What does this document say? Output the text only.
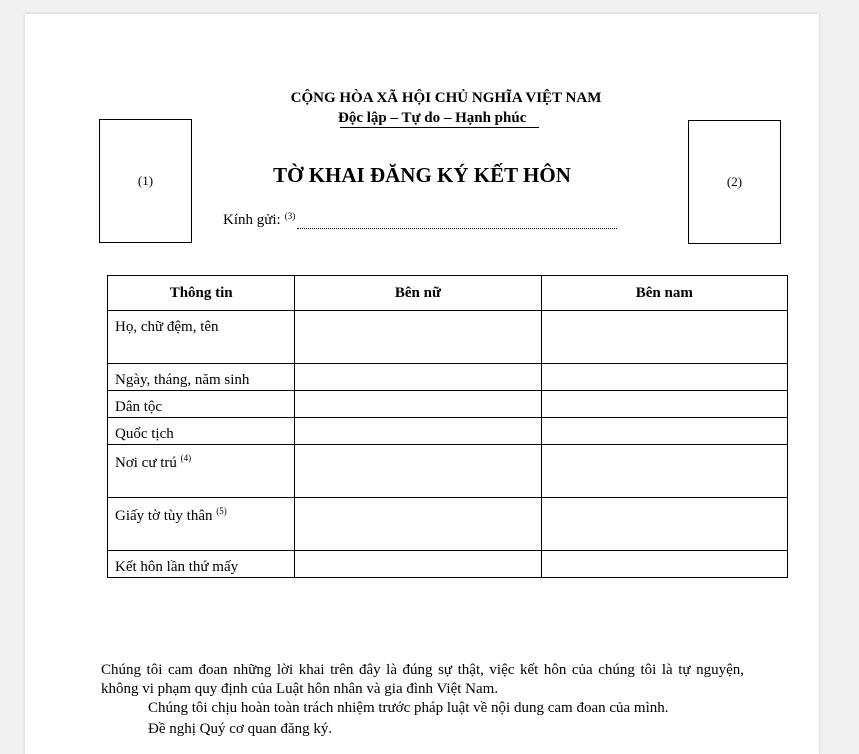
CỘNG HÒA XÃ HỘI CHỦ NGHĨA VIỆT NAM
Độc lập – Tự do – Hạnh phúc
(1)	(2)
TỜ KHAI ĐĂNG KÝ KẾT HÔN
Kính gửi: $^{(3)}$
Thông tin	Bên nữ	Bên nam
Họ, chữ đệm, tên		
Ngày, tháng, năm sinh		
Dân tộc		
Quốc tịch		
Nơi cư trú $^{(4)}$		
Giấy tờ tùy thân $^{(5)}$		
Kết hôn lần thứ mấy		
Chúng tôi cam đoan những lời khai trên đây là đúng sự thật, việc kết hôn của chúng tôi là tự nguyện, không vi phạm quy định của Luật hôn nhân và gia đình Việt Nam.
Chúng tôi chịu hoàn toàn trách nhiệm trước pháp luật về nội dung cam đoan của mình.
Đề nghị Quý cơ quan đăng ký.
